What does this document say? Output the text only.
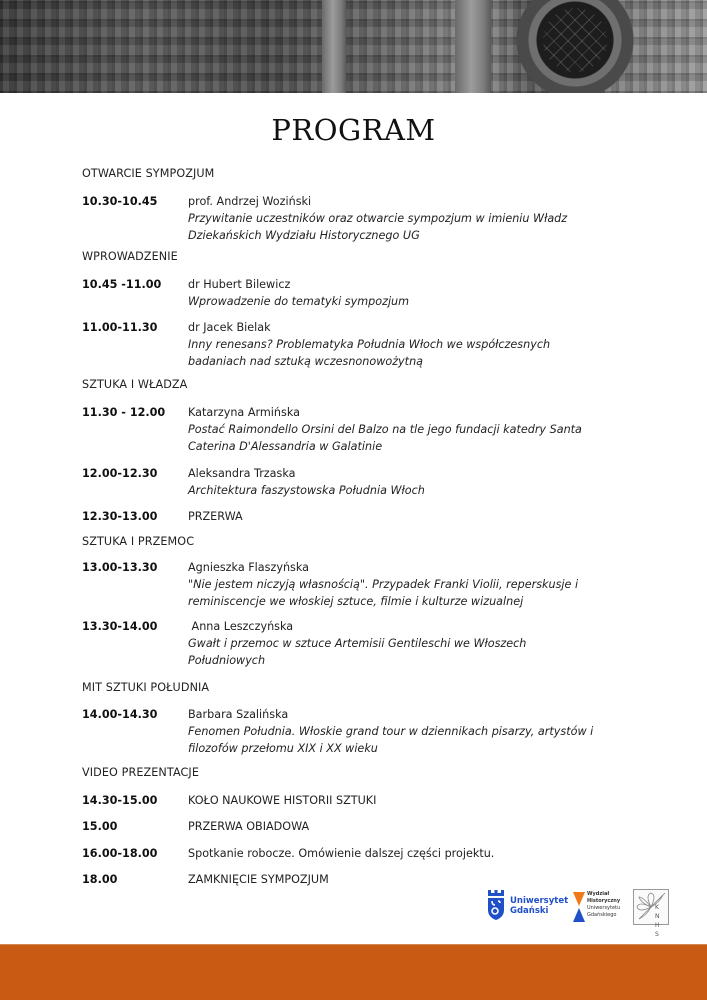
PROGRAM
OTWARCIE SYMPOZJUM
10.30-10.45	prof. Andrzej Woziński
Przywitanie uczestników oraz otwarcie sympozjum w imieniu Władz
Dziekańskich Wydziału Historycznego UG
WPROWADZENIE
10.45 -11.00 dr Hubert Bilewicz
Wprowadzenie do tematyki sympozjum
11.00-11.30	dr Jacek Bielak
Inny renesans? Problematyka Południa Włoch we współczesnych
badaniach nad sztuką wczesnonowożytną
SZTUKA I WŁADZA
11.30 - 12.00 Katarzyna Armińska
Postać Raimondello Orsini del Balzo na tle jego fundacji katedry Santa
Caterina D'Alessandria w Galatinie
12.00-12.30	Aleksandra Trzaska
Architektura faszystowska Południa Włoch
12.30-13.00	PRZERWA
SZTUKA I PRZEMOC
13.00-13.30	Agnieszka Flaszyńska
"Nie jestem niczyją własnością". Przypadek Franki Violii, reperskusje i
reminiscencje we włoskiej sztuce, filmie i kulturze wizualnej
13.30-14.00	Anna Leszczyńska
Gwałt i przemoc w sztuce Artemisii Gentileschi we Włoszech
Południowych
MIT SZTUKI POŁUDNIA
14.00-14.30	Barbara Szalińska
Fenomen Południa. Włoskie grand tour w dziennikach pisarzy, artystów i
filozofów przełomu XIX i XX wieku
VIDEO PREZENTACJE
14.30-15.00	KOŁO NAUKOWE HISTORII SZTUKI
15.00	PRZERWA OBIADOWA
16.00-18.00	Spotkanie robocze. Omówienie dalszej części projektu.
18.00	ZAMKNIĘCIE SYMPOZJUM
Uniwersytet
Gdański
Wydział
Historyczny
Uniwersytetu
Gdańskiego
K N
H S
